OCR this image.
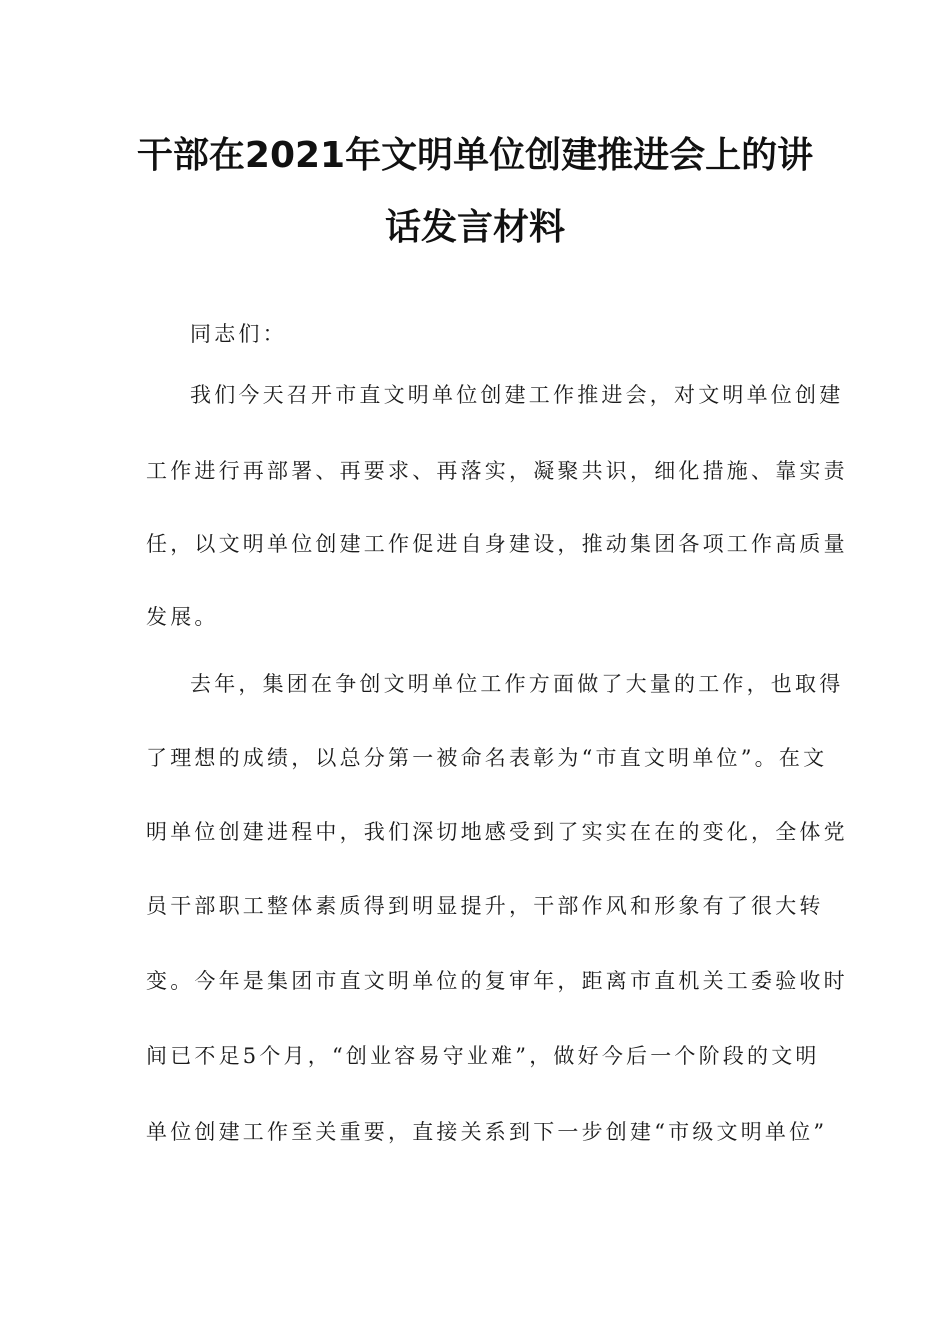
干部在2021年文明单位创建推进会上的讲
话发言材料

同志们：

我们今天召开市直文明单位创建工作推进会，对文明单位创建

工作进行再部署、再要求、再落实，凝聚共识，细化措施、靠实责

任，以文明单位创建工作促进自身建设，推动集团各项工作高质量

发展。

去年，集团在争创文明单位工作方面做了大量的工作，也取得

了理想的成绩，以总分第一被命名表彰为“市直文明单位”。在文

明单位创建进程中，我们深切地感受到了实实在在的变化，全体党

员干部职工整体素质得到明显提升，干部作风和形象有了很大转

变。今年是集团市直文明单位的复审年，距离市直机关工委验收时

间已不足5个月，“创业容易守业难”，做好今后一个阶段的文明

单位创建工作至关重要，直接关系到下一步创建“市级文明单位”
